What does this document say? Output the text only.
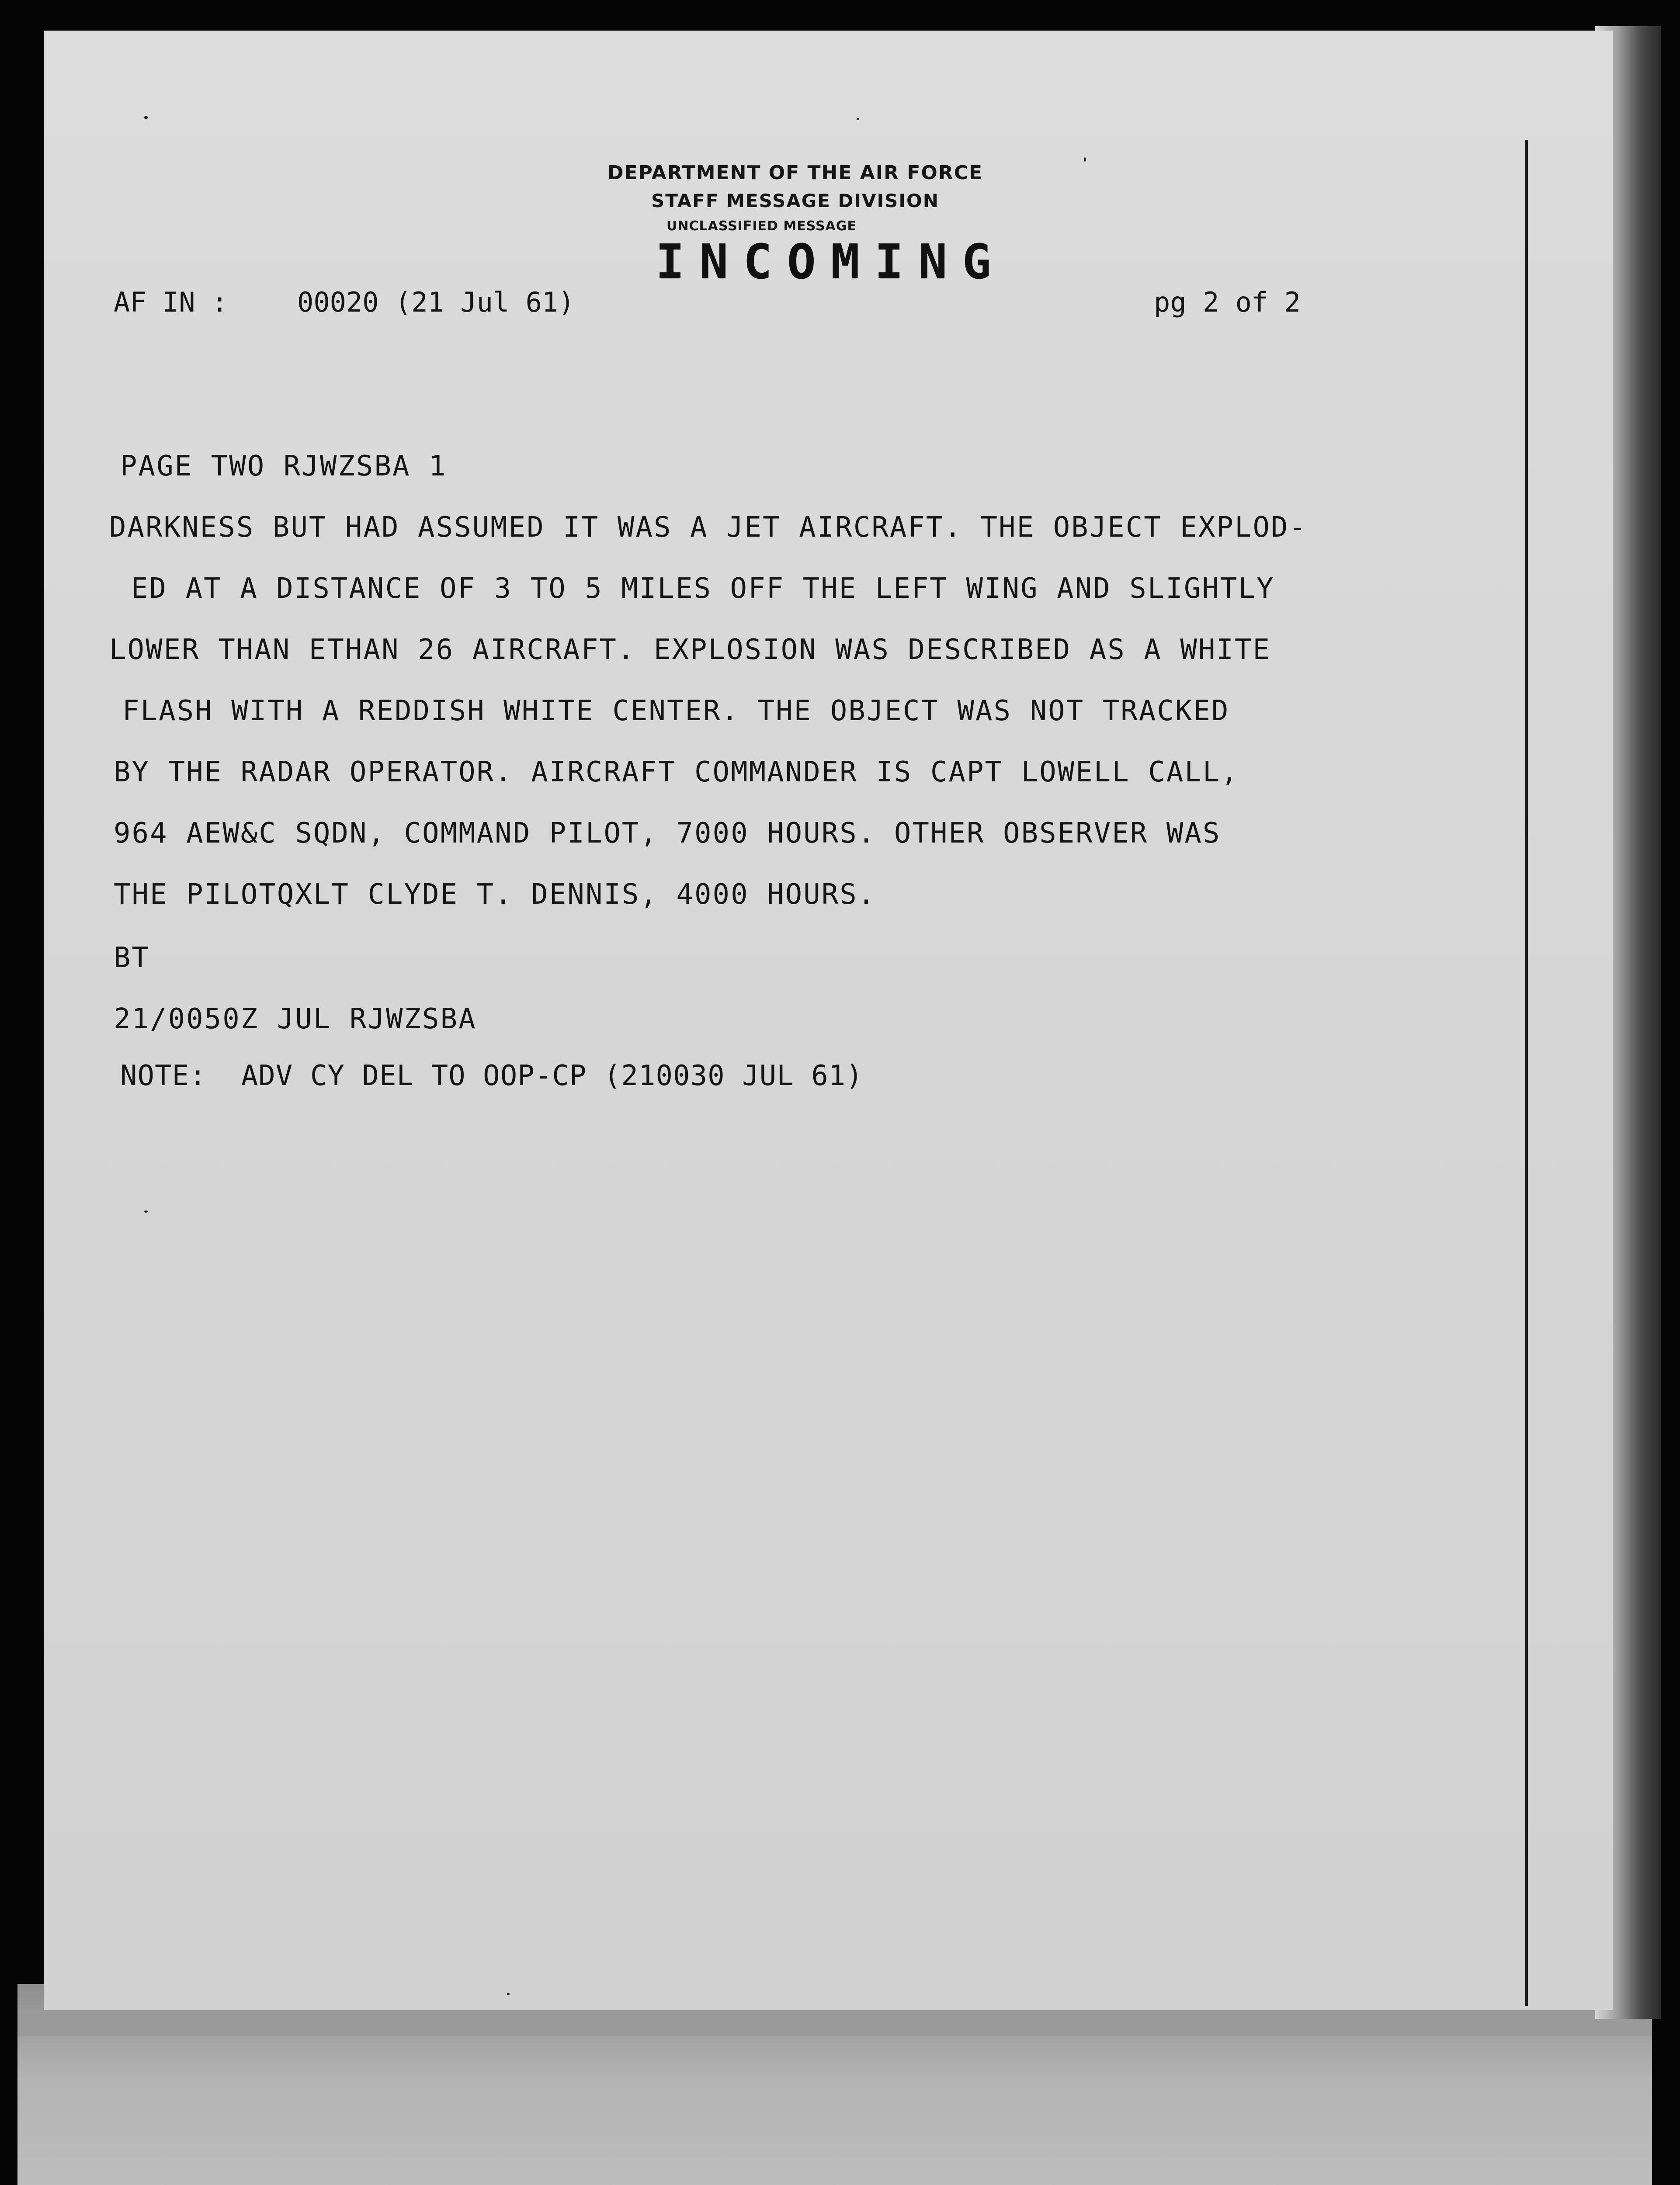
DEPARTMENT OF THE AIR FORCE
STAFF MESSAGE DIVISION
UNCLASSIFIED MESSAGE
INCOMING
AF IN :	00020 (21 Jul 61)	pg 2 of 2
PAGE TWO RJWZSBA 1
DARKNESS BUT HAD ASSUMED IT WAS A JET AIRCRAFT. THE OBJECT EXPLOD-
ED AT A DISTANCE OF 3 TO 5 MILES OFF THE LEFT WING AND SLIGHTLY
LOWER THAN ETHAN 26 AIRCRAFT. EXPLOSION WAS DESCRIBED AS A WHITE
FLASH WITH A REDDISH WHITE CENTER. THE OBJECT WAS NOT TRACKED
BY THE RADAR OPERATOR. AIRCRAFT COMMANDER IS CAPT LOWELL CALL,
964 AEW&C SQDN, COMMAND PILOT, 7000 HOURS. OTHER OBSERVER WAS
THE PILOTQXLT CLYDE T. DENNIS, 4000 HOURS.
BT
21/0050Z JUL RJWZSBA
NOTE:  ADV CY DEL TO OOP-CP (210030 JUL 61)
